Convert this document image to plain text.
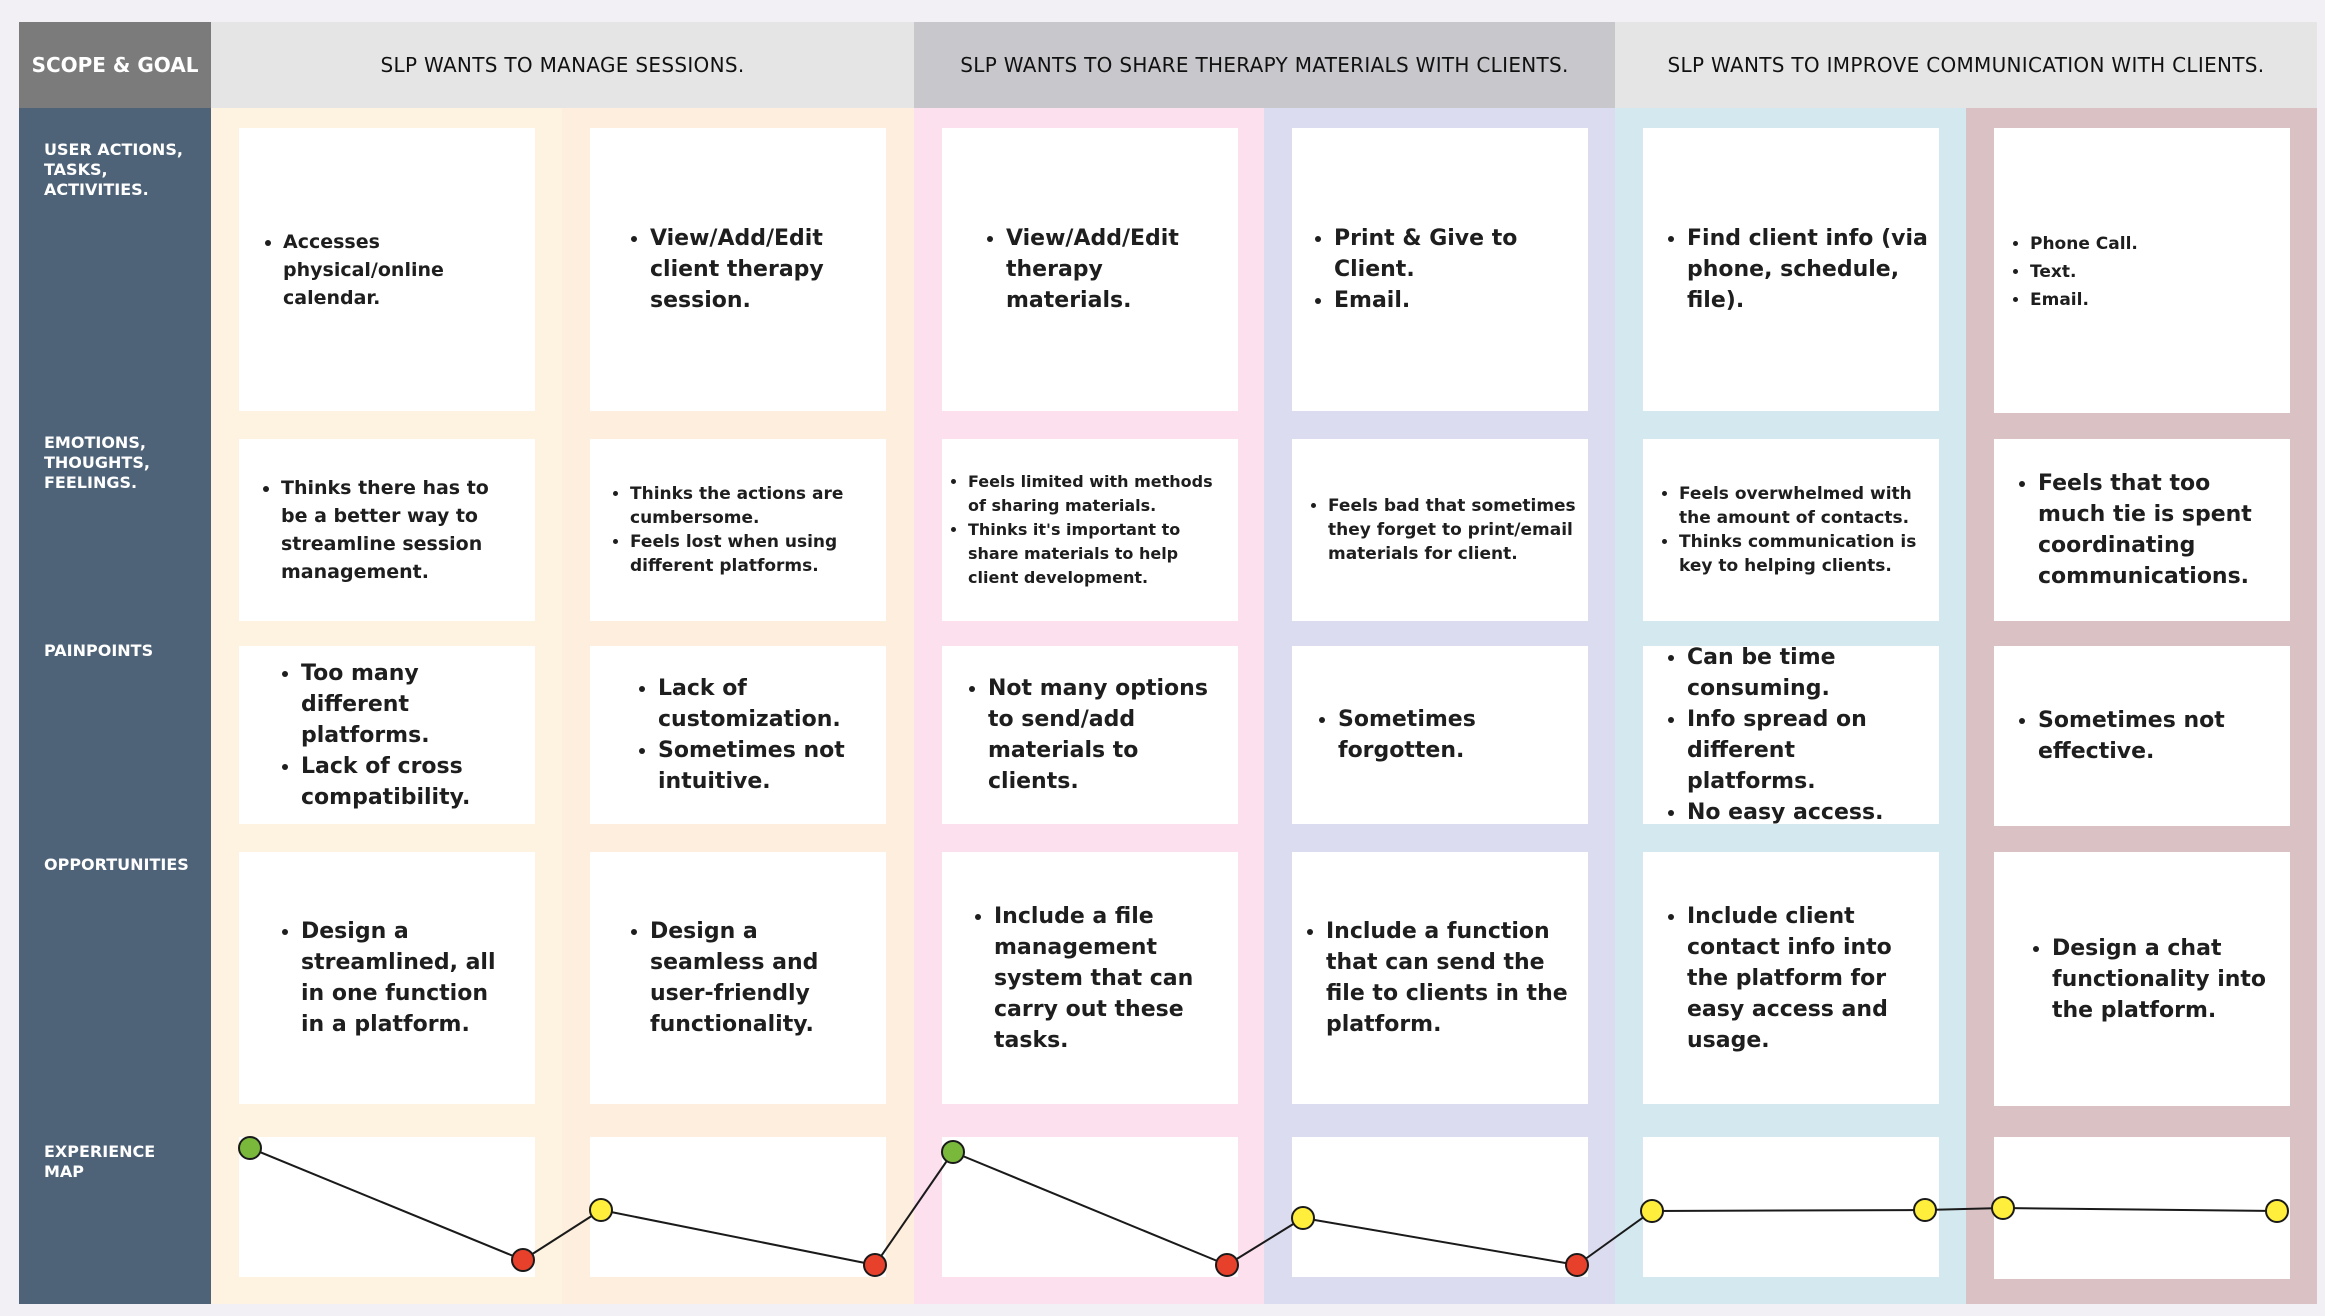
SCOPE & GOAL
USER ACTIONS,
TASKS,
ACTIVITIES.
EMOTIONS,
THOUGHTS,
FEELINGS.
PAINPOINTS
OPPORTUNITIES
EXPERIENCE
MAP
SLP WANTS TO MANAGE SESSIONS.	SLP WANTS TO SHARE THERAPY MATERIALS WITH CLIENTS.	SLP WANTS TO IMPROVE COMMUNICATION WITH CLIENTS.
• Accesses physical/online calendar.
• Thinks there has to be a better way to streamline session management.
• Too many different platforms.
• Lack of cross compatibility.
• Design a streamlined, all in one function in a platform.
• View/Add/Edit client therapy session.
• Thinks the actions are cumbersome.
• Feels lost when using different platforms.
• Lack of customization.
• Sometimes not intuitive.
• Design a seamless and user-friendly functionality.
• View/Add/Edit therapy materials.
• Feels limited with methods of sharing materials.
• Thinks it's important to share materials to help client development.
• Not many options to send/add materials to clients.
• Include a file management system that can carry out these tasks.
• Print & Give to Client.
• Email.
• Feels bad that sometimes they forget to print/email materials for client.
• Sometimes forgotten.
• Include a function that can send the file to clients in the platform.
• Find client info (via phone, schedule, file).
• Feels overwhelmed with the amount of contacts.
• Thinks communication is key to helping clients.
• Can be time consuming.
• Info spread on different platforms.
• No easy access.
• Include client contact info into the platform for easy access and usage.
• Phone Call.
• Text.
• Email.
• Feels that too much tie is spent coordinating communications.
• Sometimes not effective.
• Design a chat functionality into the platform.
